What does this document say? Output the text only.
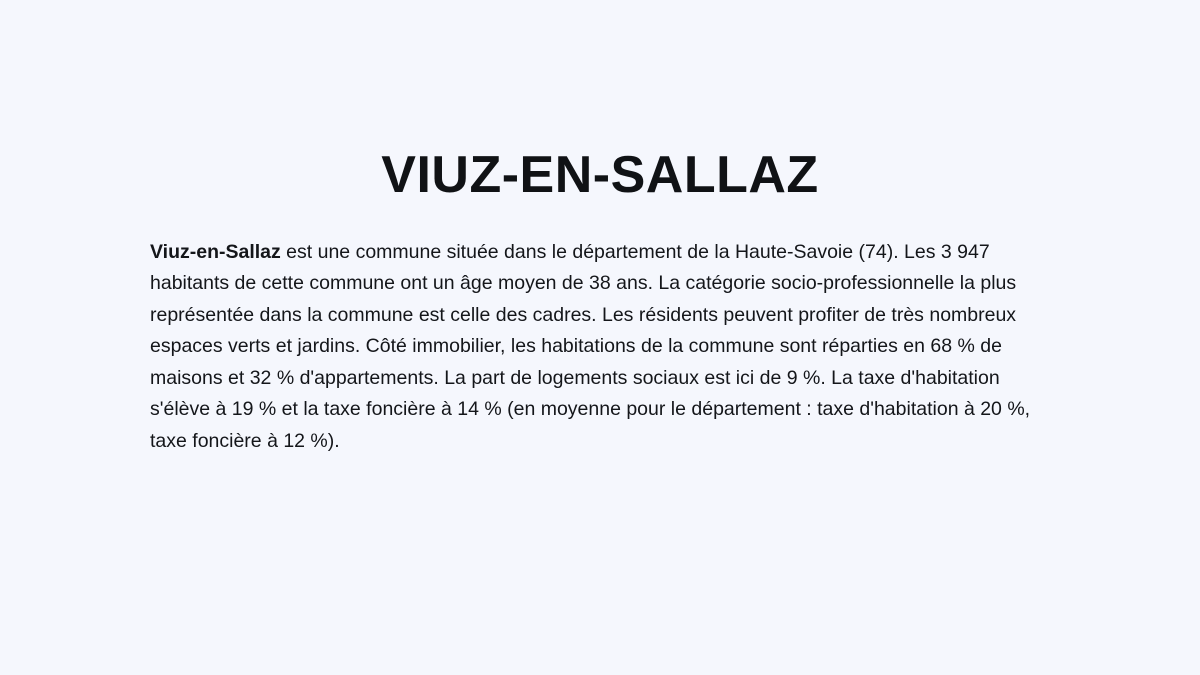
VIUZ-EN-SALLAZ

Viuz-en-Sallaz est une commune située dans le département de la Haute-Savoie (74). Les 3 947 habitants de cette commune ont un âge moyen de 38 ans. La catégorie socio-professionnelle la plus représentée dans la commune est celle des cadres. Les résidents peuvent profiter de très nombreux espaces verts et jardins. Côté immobilier, les habitations de la commune sont réparties en 68 % de maisons et 32 % d'appartements. La part de logements sociaux est ici de 9 %. La taxe d'habitation s'élève à 19 % et la taxe foncière à 14 % (en moyenne pour le département : taxe d'habitation à 20 %, taxe foncière à 12 %).
